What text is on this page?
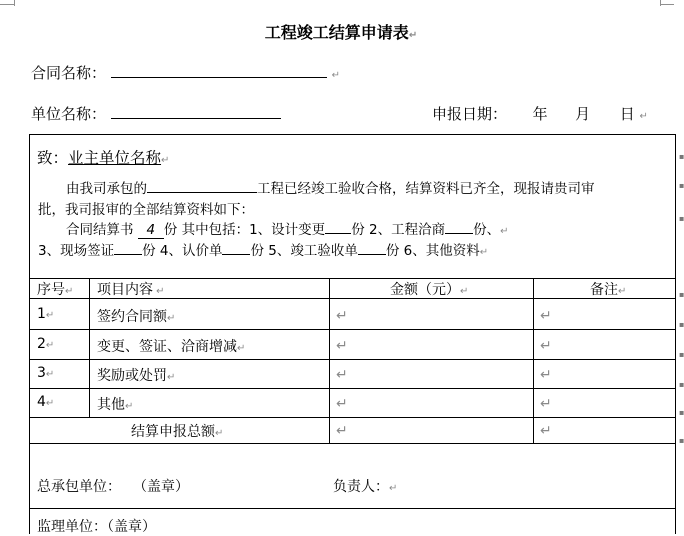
工程竣工结算申请表↵
合同名称：	↵
单位名称：	申报日期： 年 月 日 ↵
致：业主单位名称↵
由我司承包的	工程已经竣工验收合格，结算资料已齐全，现报请贵司审
批，我司报审的全部结算资料如下：
合同结算书 4 份 其中包括：1、设计变更 份 2、工程洽商 份、↵
3、现场签证 份 4、认价单 份 5、竣工验收单 份 6、其他资料↵
序号↵ 项目内容 ↵	金额（元）↵	备注↵
1↵	签约合同额↵	↵	↵
2↵	变更、签证、洽商增减↵	↵	↵
3↵	奖励或处罚↵	↵	↵
4↵	其他↵	↵	↵
结算申报总额↵	↵	↵
总承包单位： （盖章）	负责人：↵
监理单位：（盖章）
▪
▪
▪
▪
▪
▪
▪
▪
▪
